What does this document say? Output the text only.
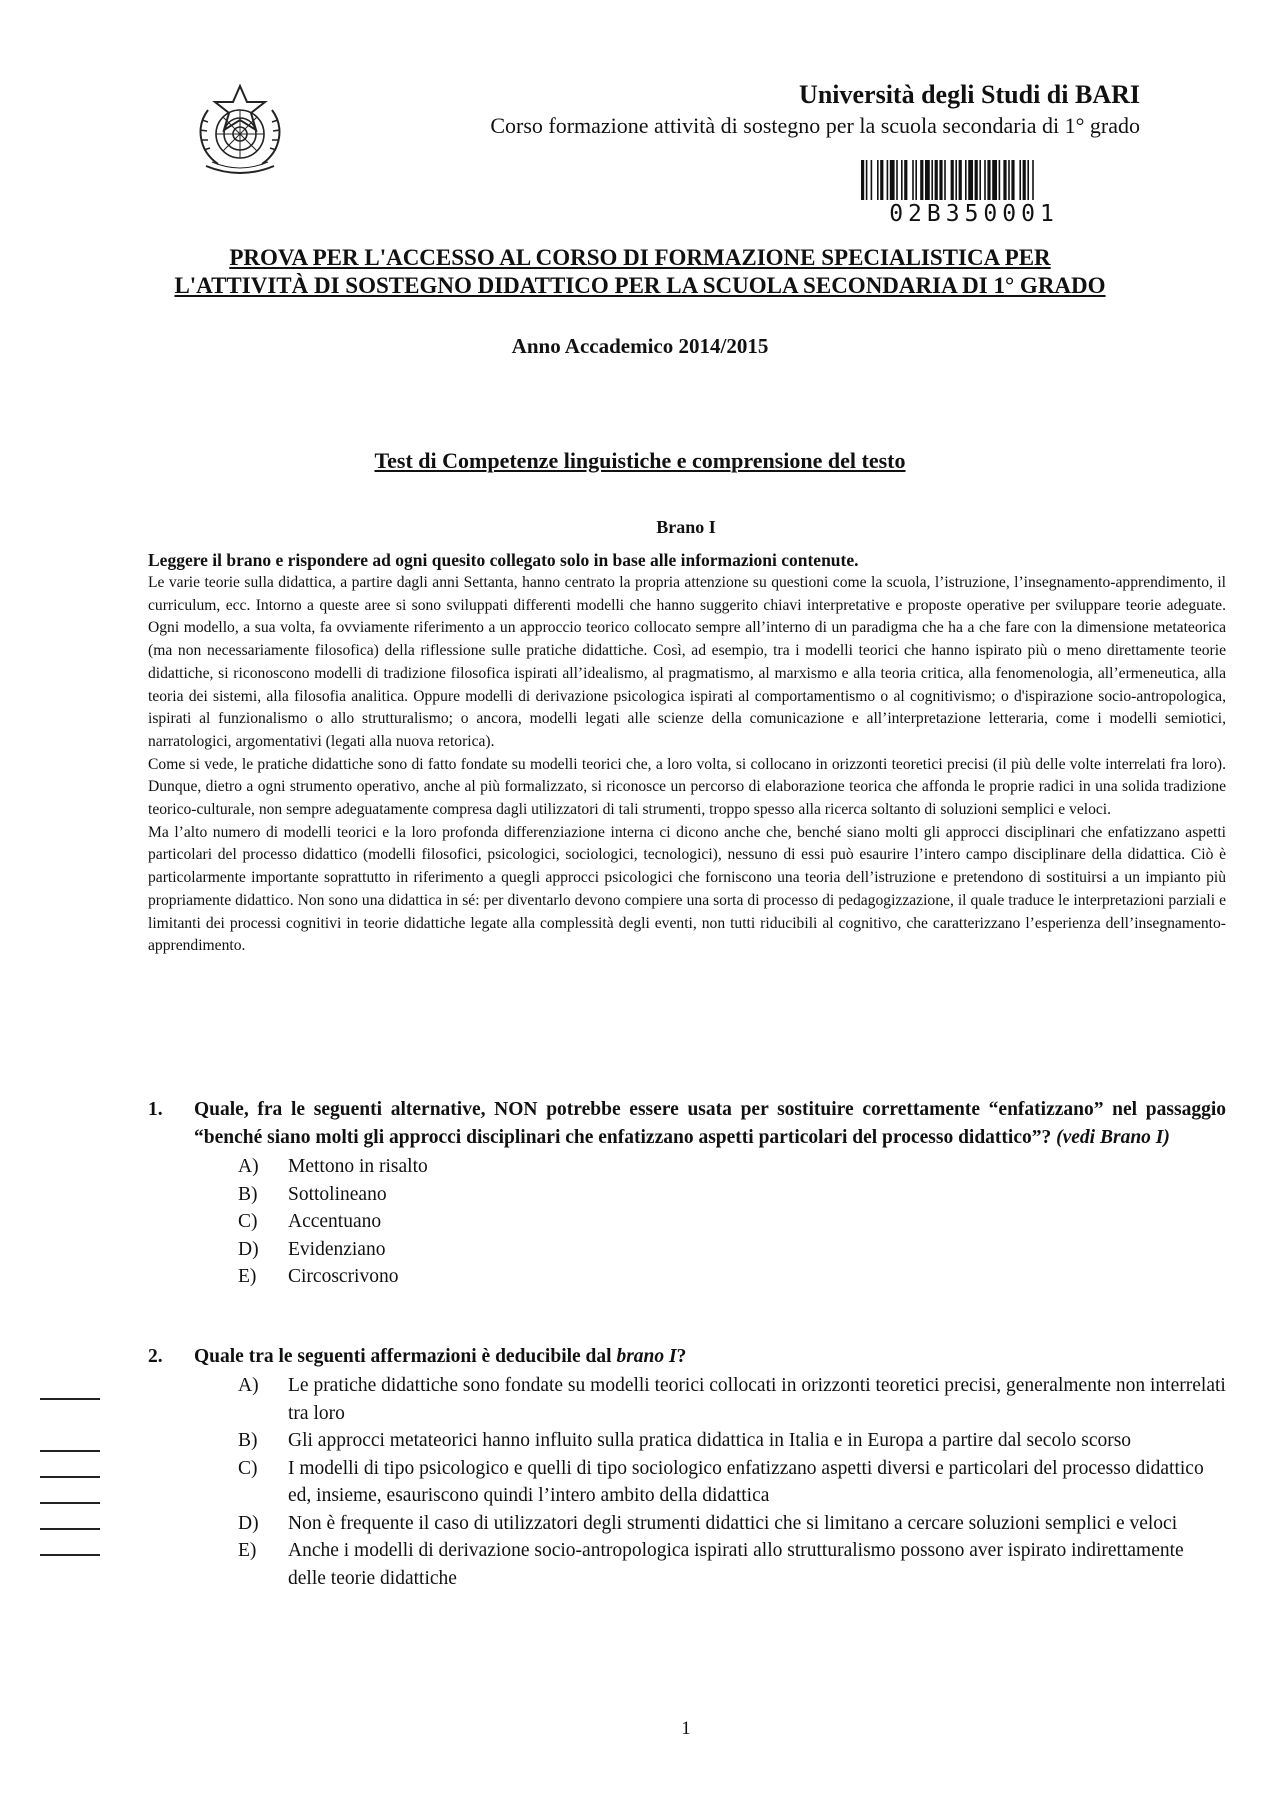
Università degli Studi di BARI
Corso formazione attività di sostegno per la scuola secondaria di 1° grado
02B350001
PROVA PER L'ACCESSO AL CORSO DI FORMAZIONE SPECIALISTICA PER
L'ATTIVITÀ DI SOSTEGNO DIDATTICO PER LA SCUOLA SECONDARIA DI 1° GRADO
Anno Accademico 2014/2015
Test di Competenze linguistiche e comprensione del testo
Brano I
Leggere il brano e rispondere ad ogni quesito collegato solo in base alle informazioni contenute.

Le varie teorie sulla didattica, a partire dagli anni Settanta, hanno centrato la propria attenzione su questioni come la scuola, l’istruzione, l’insegnamento-apprendimento, il curriculum, ecc. Intorno a queste aree si sono sviluppati differenti modelli che hanno suggerito chiavi interpretative e proposte operative per sviluppare teorie adeguate. Ogni modello, a sua volta, fa ovviamente riferimento a un approccio teorico collocato sempre all’interno di un paradigma che ha a che fare con la dimensione metateorica (ma non necessariamente filosofica) della riflessione sulle pratiche didattiche. Così, ad esempio, tra i modelli teorici che hanno ispirato più o meno direttamente teorie didattiche, si riconoscono modelli di tradizione filosofica ispirati all’idealismo, al pragmatismo, al marxismo e alla teoria critica, alla fenomenologia, all’ermeneutica, alla teoria dei sistemi, alla filosofia analitica. Oppure modelli di derivazione psicologica ispirati al comportamentismo o al cognitivismo; o d'ispirazione socio-antropologica, ispirati al funzionalismo o allo strutturalismo; o ancora, modelli legati alle scienze della comunicazione e all’interpretazione letteraria, come i modelli semiotici, narratologici, argomentativi (legati alla nuova retorica).

Come si vede, le pratiche didattiche sono di fatto fondate su modelli teorici che, a loro volta, si collocano in orizzonti teoretici precisi (il più delle volte interrelati fra loro). Dunque, dietro a ogni strumento operativo, anche al più formalizzato, si riconosce un percorso di elaborazione teorica che affonda le proprie radici in una solida tradizione teorico-culturale, non sempre adeguatamente compresa dagli utilizzatori di tali strumenti, troppo spesso alla ricerca soltanto di soluzioni semplici e veloci.

Ma l’alto numero di modelli teorici e la loro profonda differenziazione interna ci dicono anche che, benché siano molti gli approcci disciplinari che enfatizzano aspetti particolari del processo didattico (modelli filosofici, psicologici, sociologici, tecnologici), nessuno di essi può esaurire l’intero campo disciplinare della didattica. Ciò è particolarmente importante soprattutto in riferimento a quegli approcci psicologici che forniscono una teoria dell’istruzione e pretendono di sostituirsi a un impianto più propriamente didattico. Non sono una didattica in sé: per diventarlo devono compiere una sorta di processo di pedagogizzazione, il quale traduce le interpretazioni parziali e limitanti dei processi cognitivi in teorie didattiche legate alla complessità degli eventi, non tutti riducibili al cognitivo, che caratterizzano l’esperienza dell’insegnamento-apprendimento.

1.	Quale, fra le seguenti alternative, NON potrebbe essere usata per sostituire correttamente “enfatizzano” nel passaggio “benché siano molti gli approcci disciplinari che enfatizzano aspetti particolari del processo didattico”? (vedi Brano I)
A)	Mettono in risalto
B)	Sottolineano
C)	Accentuano
D)	Evidenziano
E)	Circoscrivono
2.	Quale tra le seguenti affermazioni è deducibile dal brano I?
A)	Le pratiche didattiche sono fondate su modelli teorici collocati in orizzonti teoretici precisi, generalmente non interrelati tra loro
B)	Gli approcci metateorici hanno influito sulla pratica didattica in Italia e in Europa a partire dal secolo scorso
C)	I modelli di tipo psicologico e quelli di tipo sociologico enfatizzano aspetti diversi e particolari del processo didattico ed, insieme, esauriscono quindi l’intero ambito della didattica
D)	Non è frequente il caso di utilizzatori degli strumenti didattici che si limitano a cercare soluzioni semplici e veloci
E)	Anche i modelli di derivazione socio-antropologica ispirati allo strutturalismo possono aver ispirato indirettamente delle teorie didattiche
1
